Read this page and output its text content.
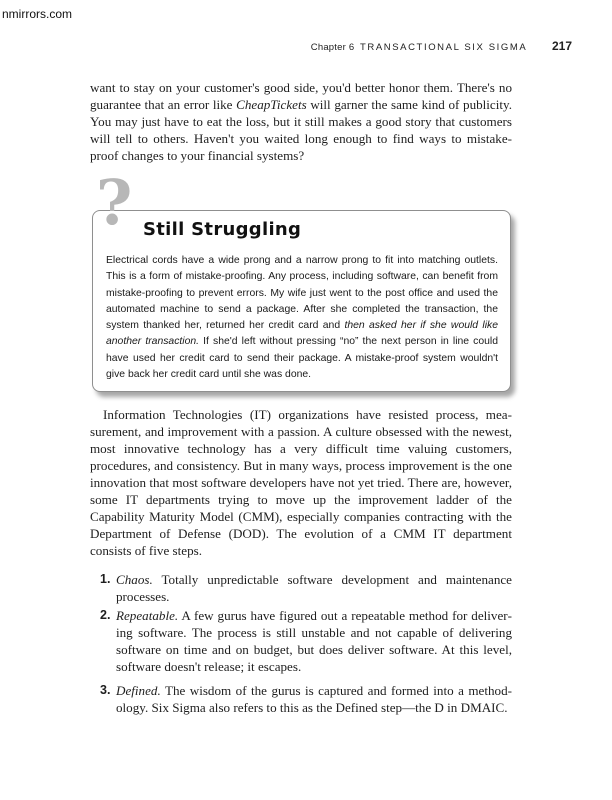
nmirrors.com
Chapter 6 TRANSACTIONAL SIX SIGMA 217

want to stay on your customer's good side, you'd better honor them. There's no guarantee that an error like CheapTickets will garner the same kind of publicity. You may just have to eat the loss, but it still makes a good story that customers will tell to others. Haven't you waited long enough to find ways to mistake-proof changes to your financial systems?

? Still Struggling

Electrical cords have a wide prong and a narrow prong to fit into matching outlets. This is a form of mistake-proofing. Any process, including software, can benefit from mistake-proofing to prevent errors. My wife just went to the post office and used the automated machine to send a package. After she completed the transaction, the system thanked her, returned her credit card and then asked her if she would like another transaction. If she'd left without pressing “no” the next person in line could have used her credit card to send their package. A mistake-proof system wouldn't give back her credit card until she was done.

Information Technologies (IT) organizations have resisted process, measurement, and improvement with a passion. A culture obsessed with the newest, most innovative technology has a very difficult time valuing customers, procedures, and consistency. But in many ways, process improvement is the one innovation that most software developers have not yet tried. There are, however, some IT departments trying to move up the improvement ladder of the Capability Maturity Model (CMM), especially companies contracting with the Department of Defense (DOD). The evolution of a CMM IT department consists of five steps.

1. Chaos. Totally unpredictable software development and maintenance processes.
2. Repeatable. A few gurus have figured out a repeatable method for delivering software. The process is still unstable and not capable of delivering software on time and on budget, but does deliver software. At this level, software doesn't release; it escapes.
3. Defined. The wisdom of the gurus is captured and formed into a methodology. Six Sigma also refers to this as the Defined step—the D in DMAIC.
